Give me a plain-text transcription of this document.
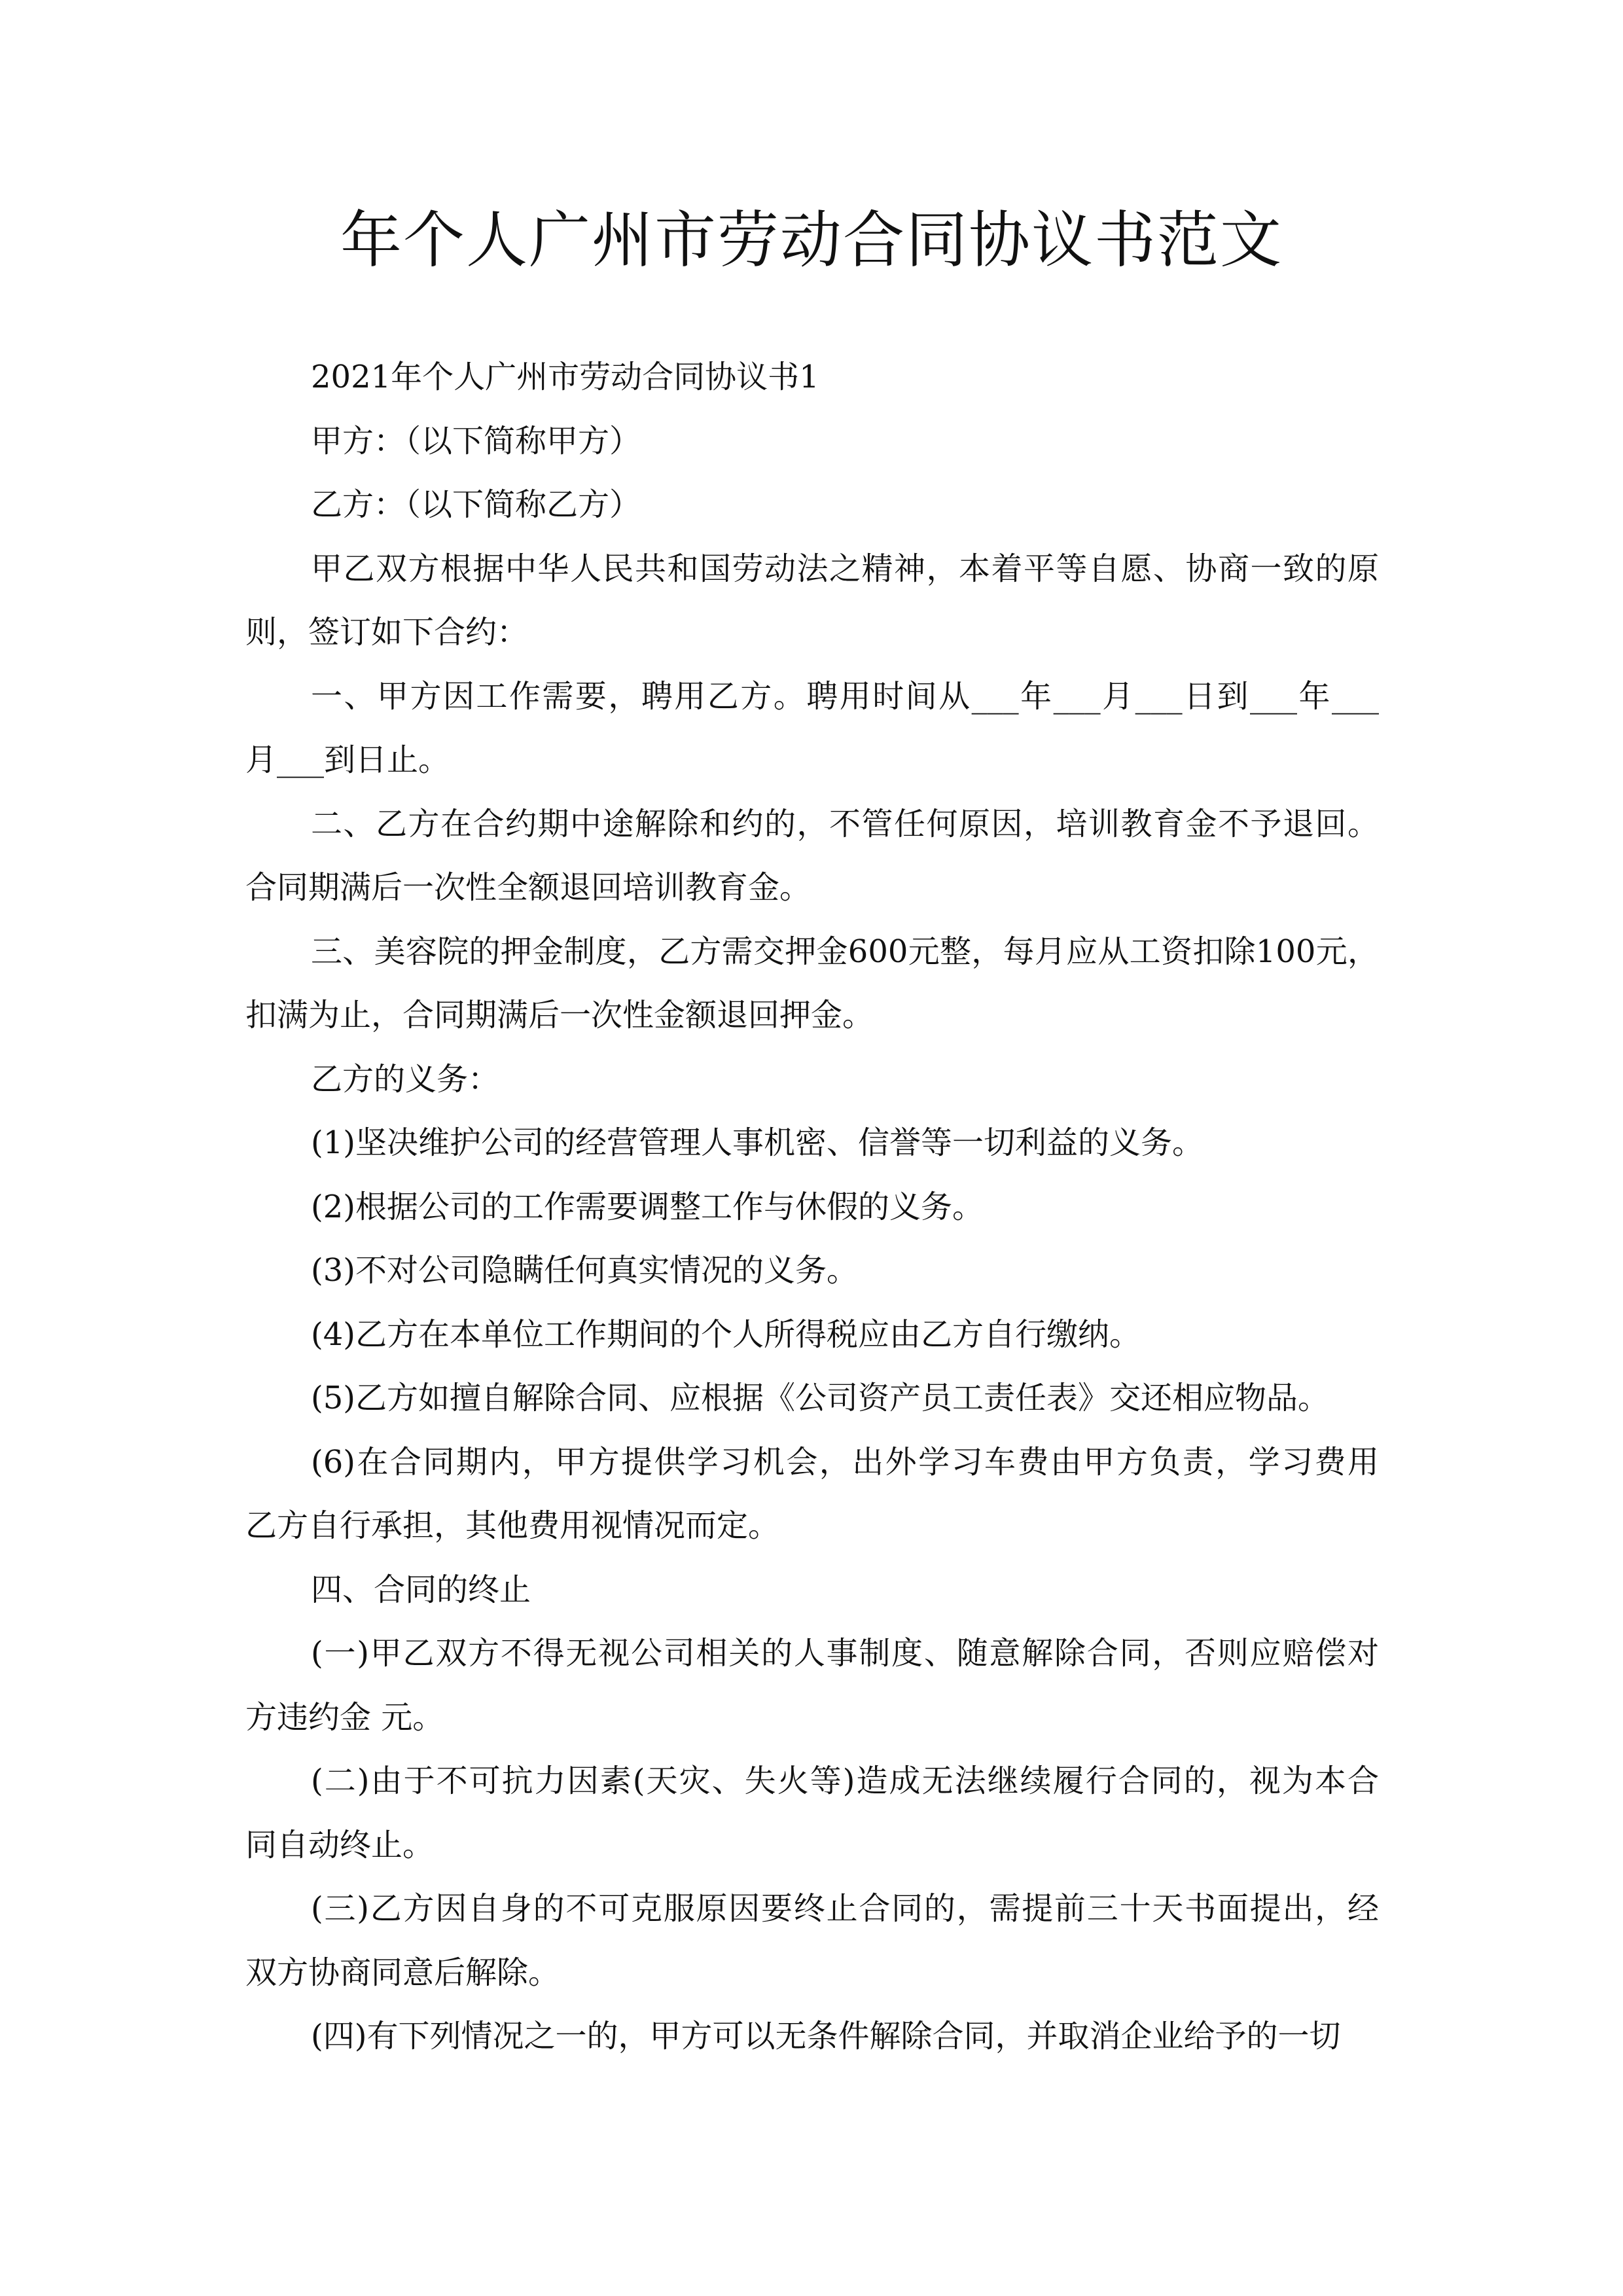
年个人广州市劳动合同协议书范文
2021年个人广州市劳动合同协议书1
甲方：（以下简称甲方）
乙方：（以下简称乙方）
甲乙双方根据中华人民共和国劳动法之精神，本着平等自愿、协商一致的原
则，签订如下合约：
一、甲方因工作需要，聘用乙方。聘用时间从___年___月___日到___年___
月___到日止。
二、乙方在合约期中途解除和约的，不管任何原因，培训教育金不予退回。
合同期满后一次性全额退回培训教育金。
三、美容院的押金制度，乙方需交押金600元整，每月应从工资扣除100元，
扣满为止，合同期满后一次性金额退回押金。
乙方的义务：
(1)坚决维护公司的经营管理人事机密、信誉等一切利益的义务。
(2)根据公司的工作需要调整工作与休假的义务。
(3)不对公司隐瞒任何真实情况的义务。
(4)乙方在本单位工作期间的个人所得税应由乙方自行缴纳。
(5)乙方如擅自解除合同、应根据《公司资产员工责任表》交还相应物品。
(6)在合同期内，甲方提供学习机会，出外学习车费由甲方负责，学习费用
乙方自行承担，其他费用视情况而定。
四、合同的终止
(一)甲乙双方不得无视公司相关的人事制度、随意解除合同，否则应赔偿对
方违约金 元。
(二)由于不可抗力因素(天灾、失火等)造成无法继续履行合同的，视为本合
同自动终止。
(三)乙方因自身的不可克服原因要终止合同的，需提前三十天书面提出，经
双方协商同意后解除。
(四)有下列情况之一的，甲方可以无条件解除合同，并取消企业给予的一切
